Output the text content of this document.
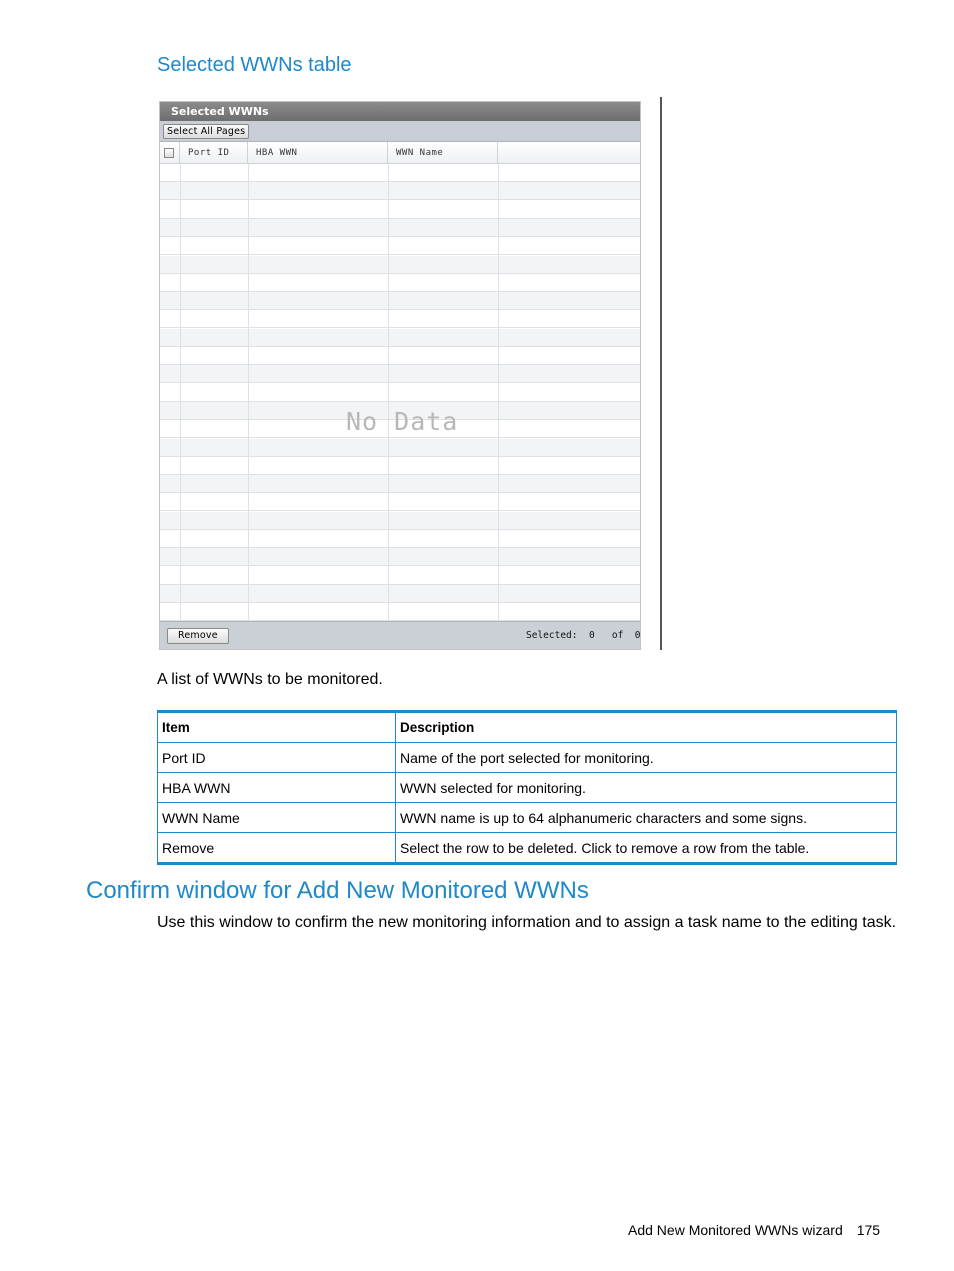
Selected WWNs table
Selected WWNs
Select All Pages
Port ID	HBA WWN	WWN Name
No Data
Remove	Selected: 0 of 0

A list of WWNs to be monitored.

Item	Description
Port ID	Name of the port selected for monitoring.
HBA WWN	WWN selected for monitoring.
WWN Name	WWN name is up to 64 alphanumeric characters and some signs.
Remove	Select the row to be deleted. Click to remove a row from the table.
Confirm window for Add New Monitored WWNs

Use this window to confirm the new monitoring information and to assign a task name to the editing task.

Add New Monitored WWNs wizard 175
